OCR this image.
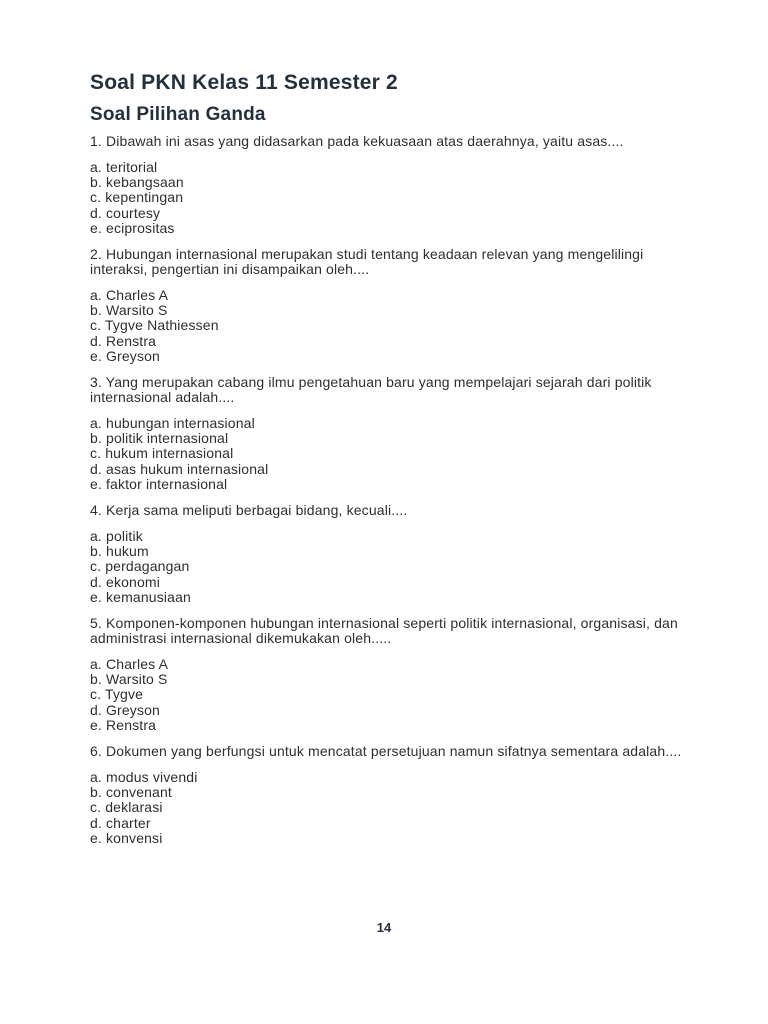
Soal PKN Kelas 11 Semester 2
Soal Pilihan Ganda

1. Dibawah ini asas yang didasarkan pada kekuasaan atas daerahnya, yaitu asas....

a. teritorial
b. kebangsaan
c. kepentingan
d. courtesy
e. eciprositas

2. Hubungan internasional merupakan studi tentang keadaan relevan yang mengelilingi interaksi, pengertian ini disampaikan oleh....

a. Charles A
b. Warsito S
c. Tygve Nathiessen
d. Renstra
e. Greyson

3. Yang merupakan cabang ilmu pengetahuan baru yang mempelajari sejarah dari politik internasional adalah....

a. hubungan internasional
b. politik internasional
c. hukum internasional
d. asas hukum internasional
e. faktor internasional

4. Kerja sama meliputi berbagai bidang, kecuali....

a. politik
b. hukum
c. perdagangan
d. ekonomi
e. kemanusiaan

5. Komponen-komponen hubungan internasional seperti politik internasional, organisasi, dan administrasi internasional dikemukakan oleh.....

a. Charles A
b. Warsito S
c. Tygve
d. Greyson
e. Renstra

6. Dokumen yang berfungsi untuk mencatat persetujuan namun sifatnya sementara adalah....

a. modus vivendi
b. convenant
c. deklarasi
d. charter
e. konvensi
14
